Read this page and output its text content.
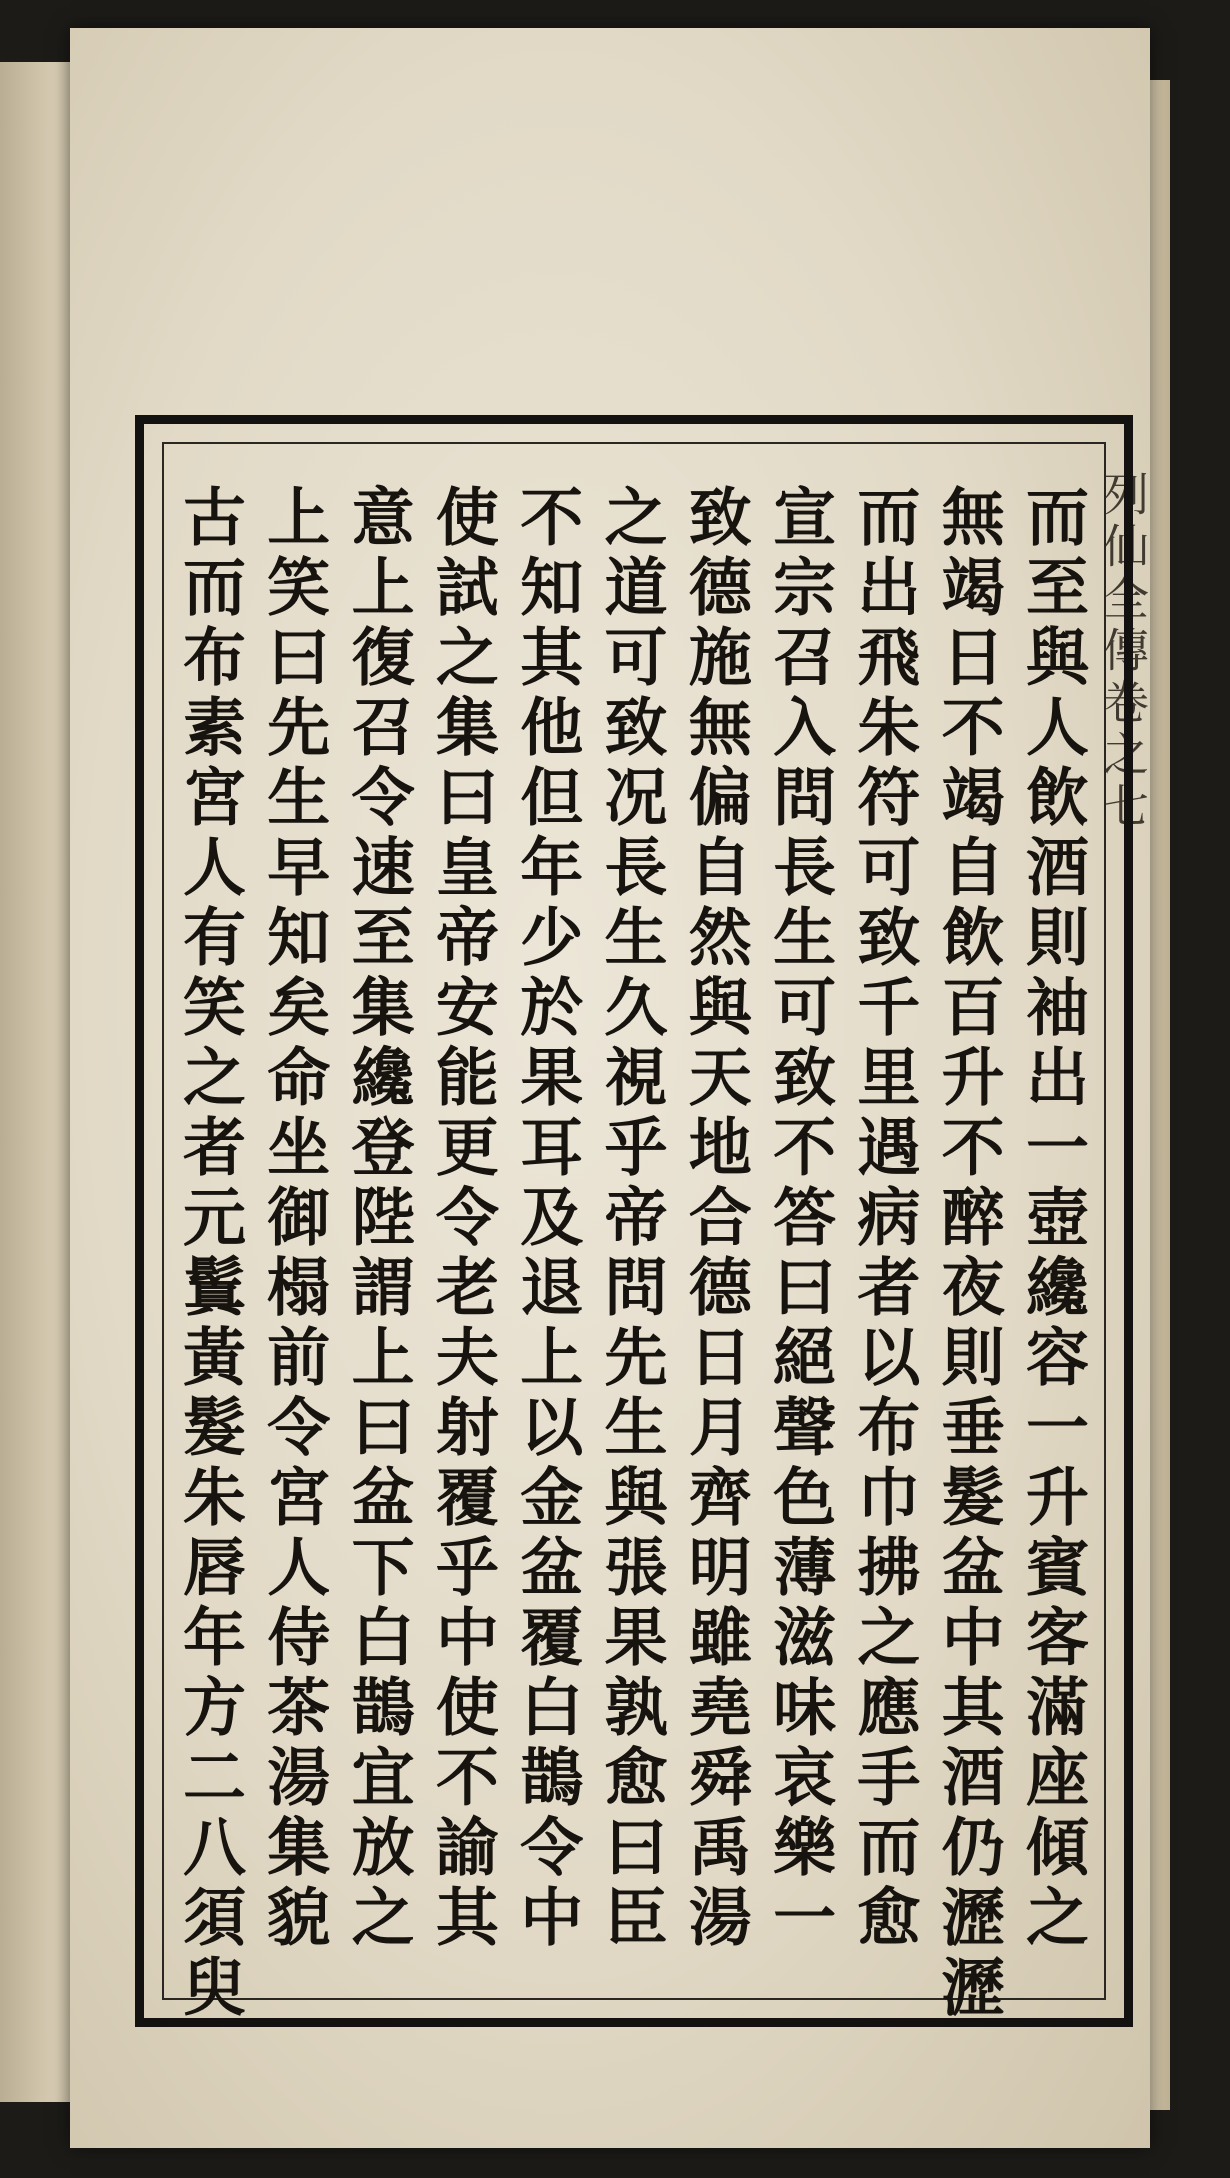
列仙全傳卷之七
而至與人飲酒則袖出一壺纔容一升賓客滿座傾之
無竭日不竭自飲百升不醉夜則垂髮盆中其酒仍瀝瀝
而出飛朱符可致千里遇病者以布巾拂之應手而愈
宣宗召入問長生可致不答曰絕聲色薄滋味哀樂一
致德施無偏自然與天地合德日月齊明雖堯舜禹湯
之道可致况長生久視乎帝問先生與張果孰愈曰臣
不知其他但年少於果耳及退上以金盆覆白鵲令中
使試之集曰皇帝安能更令老夫射覆乎中使不諭其
意上復召令速至集纔登陛謂上曰盆下白鵲宜放之
上笑曰先生早知矣命坐御榻前令宮人侍茶湯集貌
古而布素宮人有笑之者元鬒黃髮朱唇年方二八須臾
